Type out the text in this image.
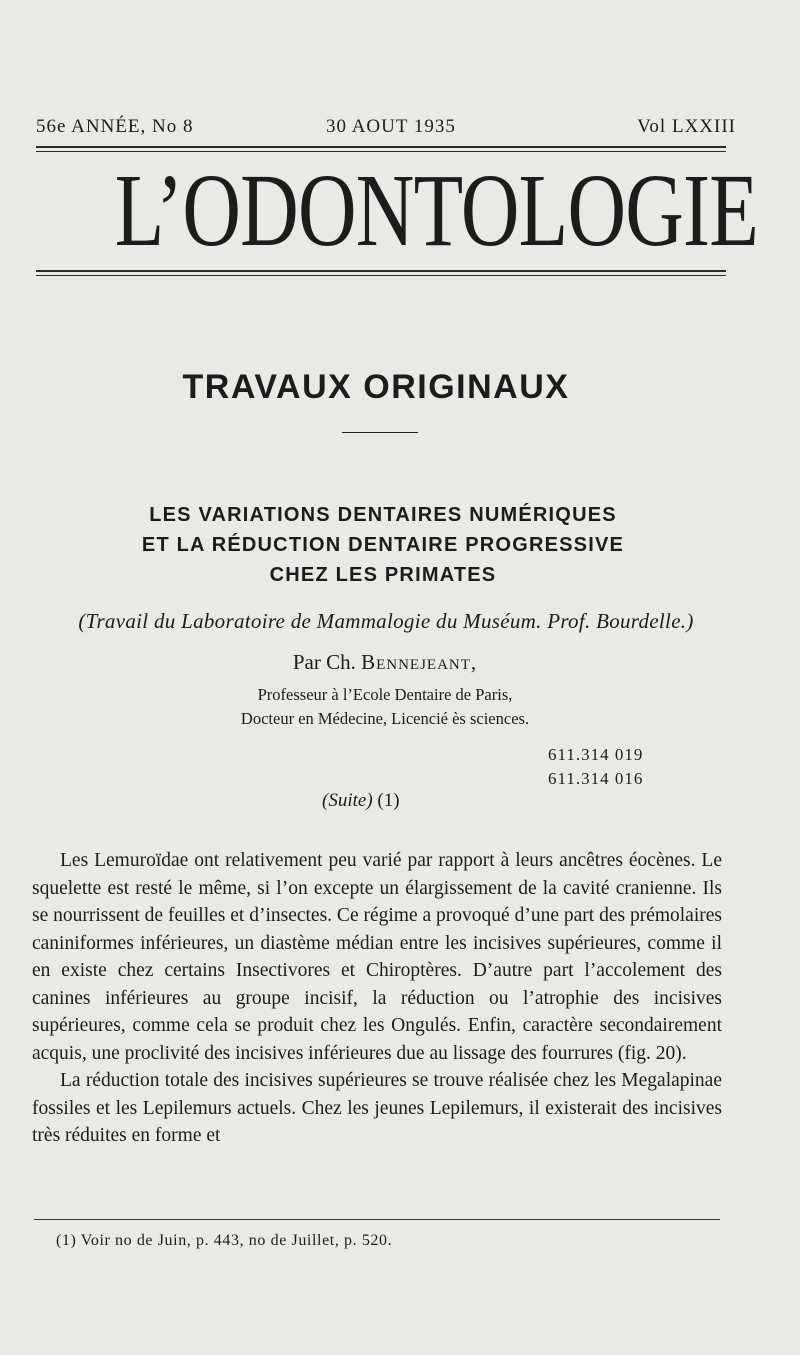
56e ANNÉE, No 8	30 AOUT 1935	Vol LXXIII
L’ODONTOLOGIE
TRAVAUX ORIGINAUX
LES VARIATIONS DENTAIRES NUMÉRIQUES
ET LA RÉDUCTION DENTAIRE PROGRESSIVE
CHEZ LES PRIMATES
(Travail du Laboratoire de Mammalogie du Muséum. Prof. Bourdelle.)
Par Ch. Bennejeant,
Professeur à l’Ecole Dentaire de Paris,
Docteur en Médecine, Licencié ès sciences.
611.314 019
611.314 016
(Suite) (1)

Les Lemuroïdae ont relativement peu varié par rapport à leurs ancêtres éocènes. Le squelette est resté le même, si l’on excepte un élargissement de la cavité cranienne. Ils se nourrissent de feuilles et d’insectes. Ce régime a provoqué d’une part des prémolaires caniniformes inférieures, un diastème médian entre les incisives supérieures, comme il en existe chez certains Insectivores et Chiroptères. D’autre part l’accolement des canines inférieures au groupe incisif, la réduction ou l’atrophie des incisives supérieures, comme cela se produit chez les Ongulés. Enfin, caractère secondairement acquis, une proclivité des incisives inférieures due au lissage des fourrures (fig. 20).

La réduction totale des incisives supérieures se trouve réalisée chez les Megalapinae fossiles et les Lepilemurs actuels. Chez les jeunes Lepilemurs, il existerait des incisives très réduites en forme et

(1) Voir no de Juin, p. 443, no de Juillet, p. 520.
